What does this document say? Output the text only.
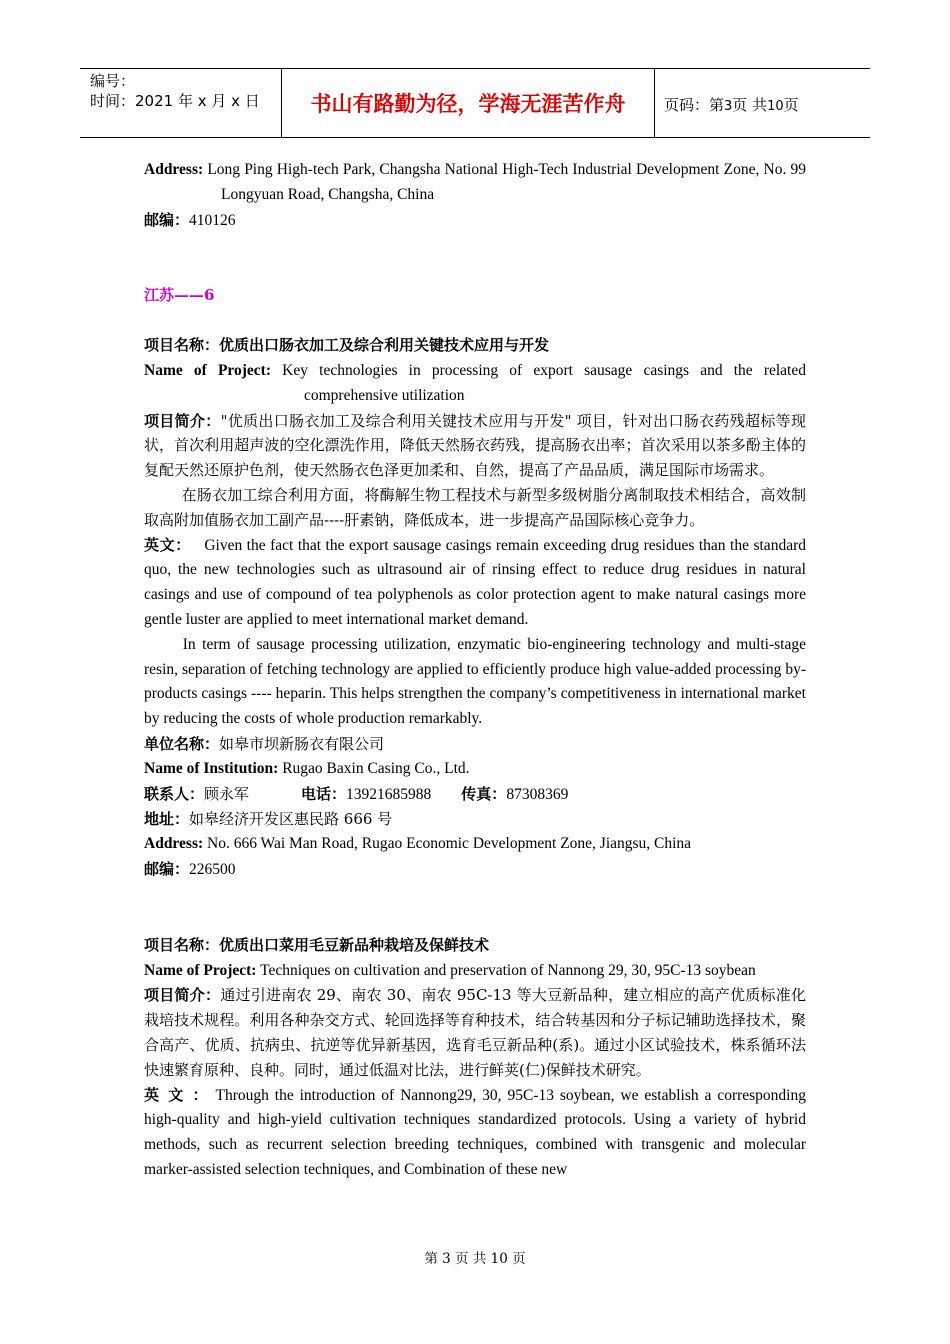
编号：
时间：2021 年 x 月 x 日	书山有路勤为径，学海无涯苦作舟	页码：第3页 共10页

Address: Long Ping High-tech Park, Changsha National High-Tech Industrial Development Zone, No. 99 Longyuan Road, Changsha, China

邮编：410126

江苏——6

项目名称：优质出口肠衣加工及综合利用关键技术应用与开发

Name of Project: Key technologies in processing of export sausage casings and the related comprehensive utilization

项目简介："优质出口肠衣加工及综合利用关键技术应用与开发" 项目，针对出口肠衣药残超标等现状，首次利用超声波的空化漂洗作用，降低天然肠衣药残，提高肠衣出率；首次采用以茶多酚主体的复配天然还原护色剂，使天然肠衣色泽更加柔和、自然，提高了产品品质，满足国际市场需求。

在肠衣加工综合利用方面，将酶解生物工程技术与新型多级树脂分离制取技术相结合，高效制取高附加值肠衣加工副产品----肝素钠，降低成本，进一步提高产品国际核心竞争力。

英文： Given the fact that the export sausage casings remain exceeding drug residues than the standard quo, the new technologies such as ultrasound air of rinsing effect to reduce drug residues in natural casings and use of compound of tea polyphenols as color protection agent to make natural casings more gentle luster are applied to meet international market demand.

In term of sausage processing utilization, enzymatic bio-engineering technology and multi-stage resin, separation of fetching technology are applied to efficiently produce high value-added processing by-products casings ---- heparin. This helps strengthen the company’s competitiveness in international market by reducing the costs of whole production remarkably.

单位名称：如皋市坝新肠衣有限公司

Name of Institution: Rugao Baxin Casing Co., Ltd.

联系人：顾永军	电话：13921685988 传真：87308369

地址：如皋经济开发区惠民路 666 号

Address: No. 666 Wai Man Road, Rugao Economic Development Zone, Jiangsu, China

邮编：226500

项目名称：优质出口菜用毛豆新品种栽培及保鲜技术

Name of Project: Techniques on cultivation and preservation of Nannong 29, 30, 95C-13 soybean

项目简介：通过引进南农 29、南农 30、南农 95C-13 等大豆新品种，建立相应的高产优质标准化栽培技术规程。利用各种杂交方式、轮回选择等育种技术，结合转基因和分子标记辅助选择技术，聚合高产、优质、抗病虫、抗逆等优异新基因，选育毛豆新品种(系)。通过小区试验技术，株系循环法快速繁育原种、良种。同时，通过低温对比法，进行鲜荚(仁)保鲜技术研究。

英 文 ： Through the introduction of Nannong29, 30, 95C-13 soybean, we establish a corresponding high-quality and high-yield cultivation techniques standardized protocols. Using a variety of hybrid methods, such as recurrent selection breeding techniques, combined with transgenic and molecular marker-assisted selection techniques, and Combination of these new

第 3 页 共 10 页
